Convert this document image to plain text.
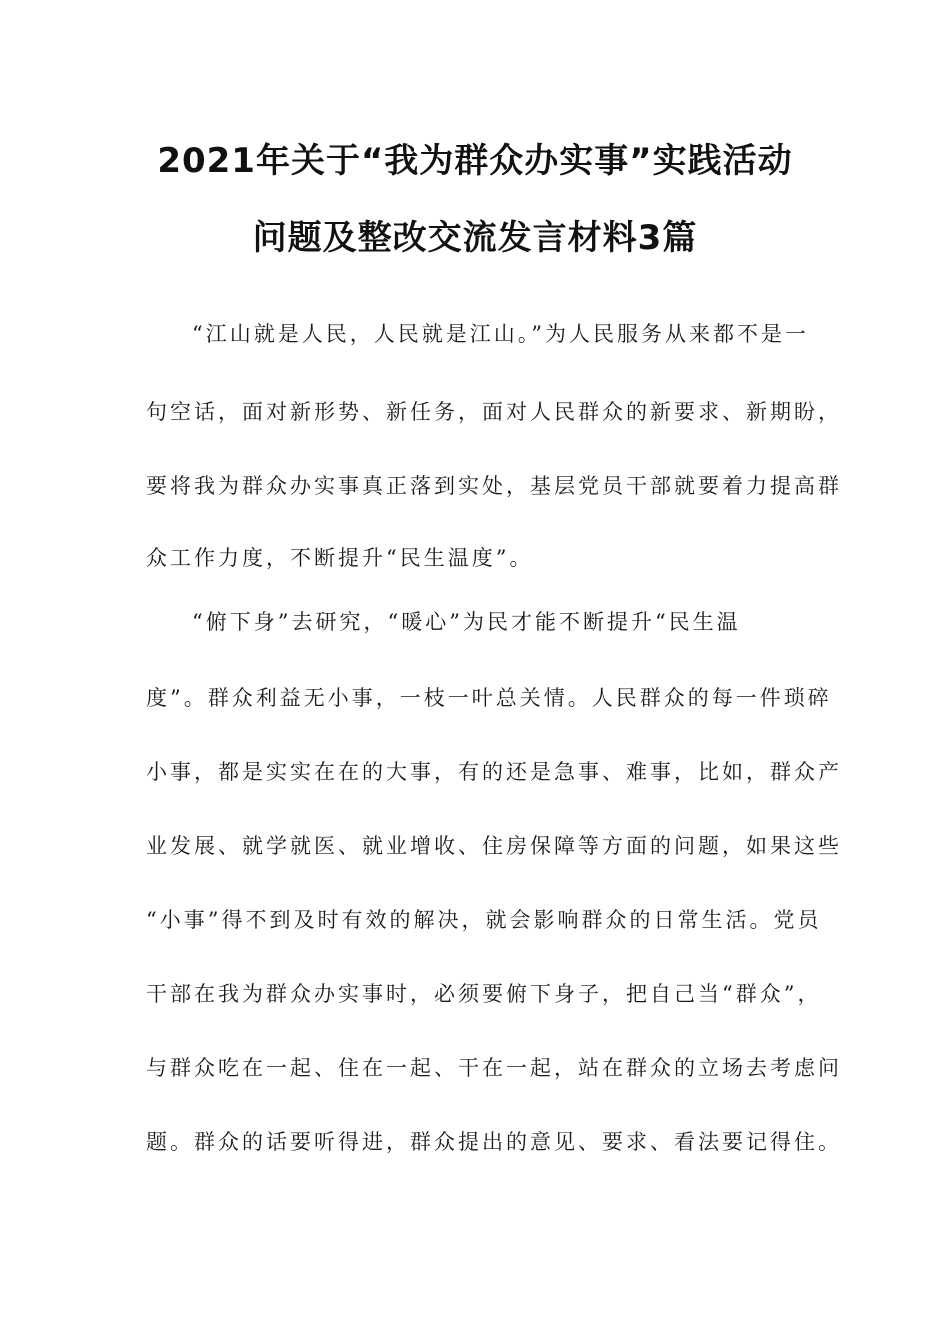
2021年关于“我为群众办实事”实践活动
问题及整改交流发言材料3篇
“江山就是人民，人民就是江山。”为人民服务从来都不是一
句空话，面对新形势、新任务，面对人民群众的新要求、新期盼，
要将我为群众办实事真正落到实处，基层党员干部就要着力提高群
众工作力度，不断提升“民生温度”。
“俯下身”去研究，“暖心”为民才能不断提升“民生温
度”。群众利益无小事，一枝一叶总关情。人民群众的每一件琐碎
小事，都是实实在在的大事，有的还是急事、难事，比如，群众产
业发展、就学就医、就业增收、住房保障等方面的问题，如果这些
“小事”得不到及时有效的解决，就会影响群众的日常生活。党员
干部在我为群众办实事时，必须要俯下身子，把自己当“群众”，
与群众吃在一起、住在一起、干在一起，站在群众的立场去考虑问
题。群众的话要听得进，群众提出的意见、要求、看法要记得住。
